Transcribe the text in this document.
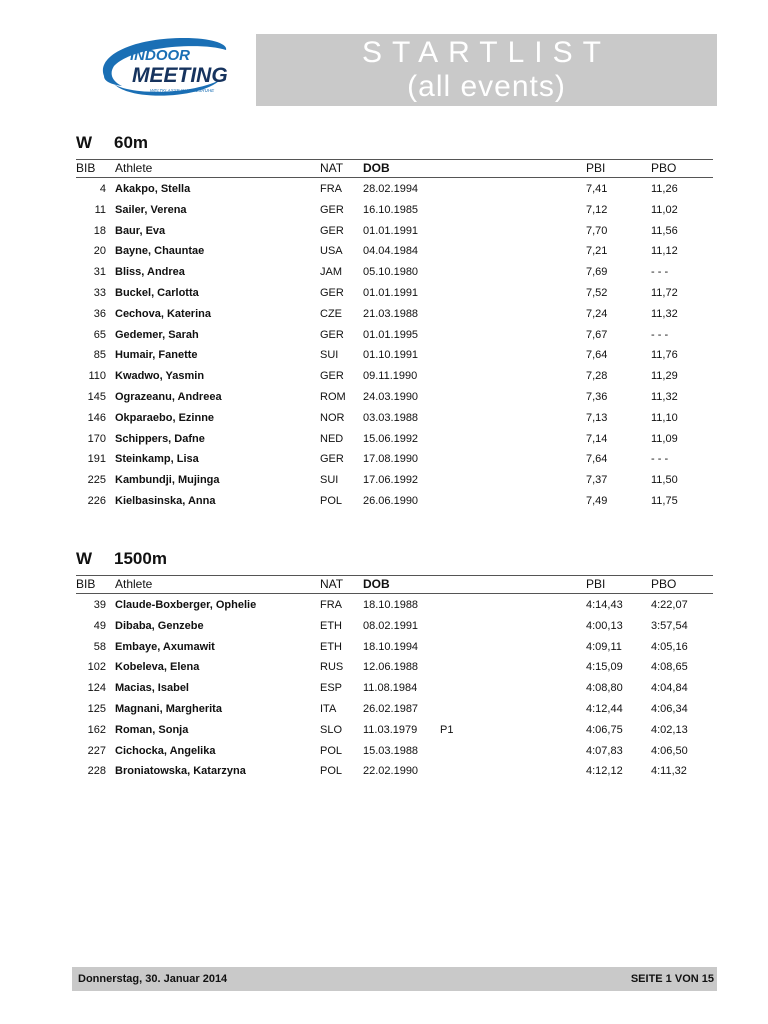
INDOOR
MEETING
WELTKLASSE IN KARLSRUHE
STARTLIST
(all events)
W 60m
BIB	Athlete	NAT	DOB	PBI	PBO
4 Akakpo, Stella	FRA	28.02.1994	7,41	11,26
11 Sailer, Verena	GER	16.10.1985	7,12	11,02
18 Baur, Eva	GER	01.01.1991	7,70	11,56
20 Bayne, Chauntae	USA	04.04.1984	7,21	11,12
31 Bliss, Andrea	JAM	05.10.1980	7,69	- - -
33 Buckel, Carlotta	GER	01.01.1991	7,52	11,72
36 Cechova, Katerina	CZE	21.03.1988	7,24	11,32
65 Gedemer, Sarah	GER	01.01.1995	7,67	- - -
85 Humair, Fanette	SUI	01.10.1991	7,64	11,76
110 Kwadwo, Yasmin	GER	09.11.1990	7,28	11,29
145 Ograzeanu, Andreea	ROM	24.03.1990	7,36	11,32
146 Okparaebo, Ezinne	NOR	03.03.1988	7,13	11,10
170 Schippers, Dafne	NED	15.06.1992	7,14	11,09
191 Steinkamp, Lisa	GER	17.08.1990	7,64	- - -
225 Kambundji, Mujinga	SUI	17.06.1992	7,37	11,50
226 Kielbasinska, Anna	POL	26.06.1990	7,49	11,75
W 1500m
BIB	Athlete	NAT	DOB	PBI	PBO
39 Claude-Boxberger, Ophelie	FRA	18.10.1988	4:14,43	4:22,07
49 Dibaba, Genzebe	ETH	08.02.1991	4:00,13	3:57,54
58 Embaye, Axumawit	ETH	18.10.1994	4:09,11	4:05,16
102 Kobeleva, Elena	RUS	12.06.1988	4:15,09	4:08,65
124 Macias, Isabel	ESP	11.08.1984	4:08,80	4:04,84
125 Magnani, Margherita	ITA	26.02.1987	4:12,44	4:06,34
162 Roman, Sonja	SLO	11.03.1979	P1	4:06,75	4:02,13
227 Cichocka, Angelika	POL	15.03.1988	4:07,83	4:06,50
228 Broniatowska, Katarzyna	POL	22.02.1990	4:12,12	4:11,32
Donnerstag, 30. Januar 2014	SEITE 1 VON 15
